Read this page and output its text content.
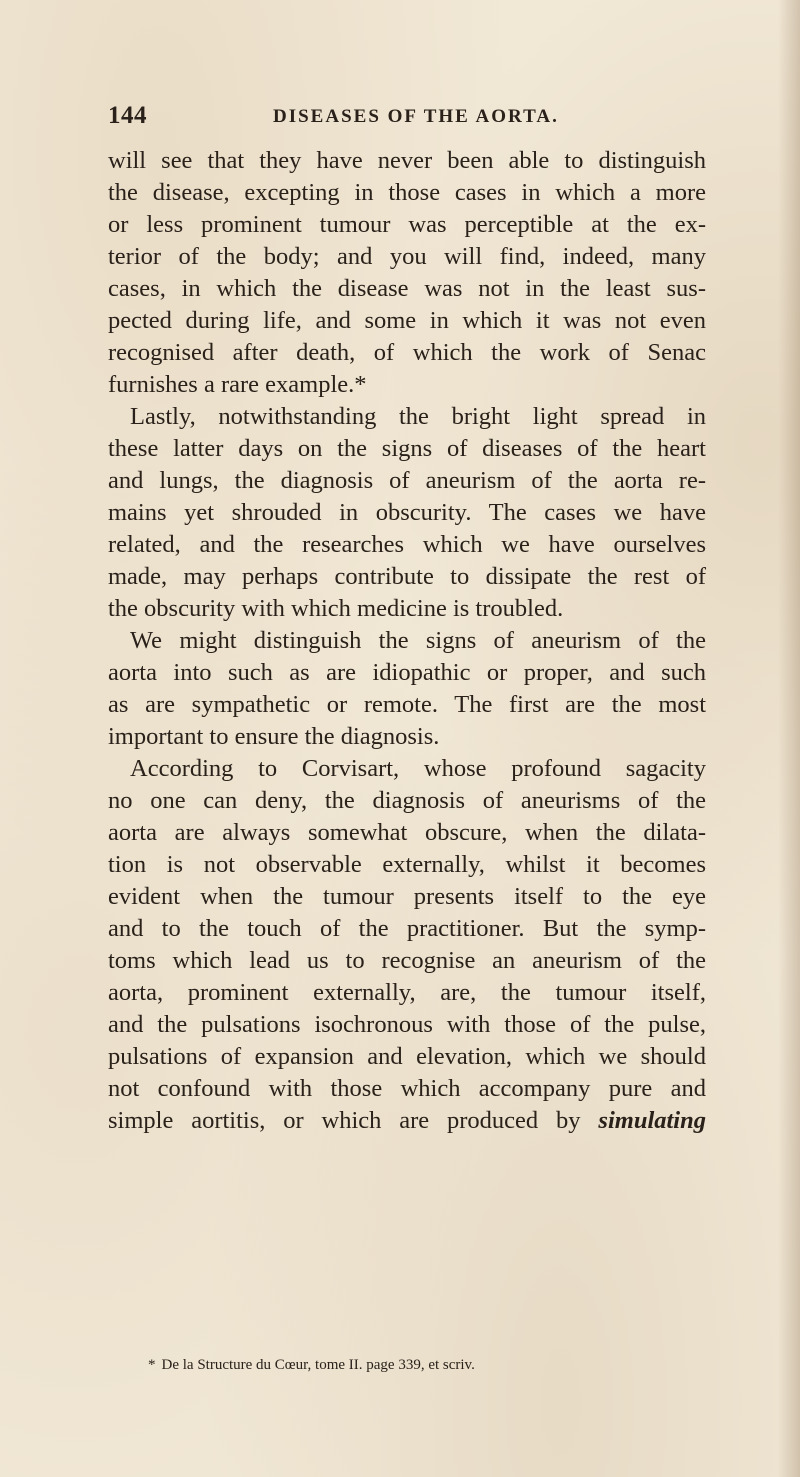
144	DISEASES OF THE AORTA.
will see that they have never been able to distinguish
the disease, excepting in those cases in which a more
or less prominent tumour was perceptible at the ex-
terior of the body; and you will find, indeed, many
cases, in which the disease was not in the least sus-
pected during life, and some in which it was not even
recognised after death, of which the work of Senac
furnishes a rare example.*
Lastly, notwithstanding the bright light spread in
these latter days on the signs of diseases of the heart
and lungs, the diagnosis of aneurism of the aorta re-
mains yet shrouded in obscurity. The cases we have
related, and the researches which we have ourselves
made, may perhaps contribute to dissipate the rest of
the obscurity with which medicine is troubled.
We might distinguish the signs of aneurism of the
aorta into such as are idiopathic or proper, and such
as are sympathetic or remote. The first are the most
important to ensure the diagnosis.
According to Corvisart, whose profound sagacity
no one can deny, the diagnosis of aneurisms of the
aorta are always somewhat obscure, when the dilata-
tion is not observable externally, whilst it becomes
evident when the tumour presents itself to the eye
and to the touch of the practitioner. But the symp-
toms which lead us to recognise an aneurism of the
aorta, prominent externally, are, the tumour itself,
and the pulsations isochronous with those of the pulse,
pulsations of expansion and elevation, which we should
not confound with those which accompany pure and
simple aortitis, or which are produced by simulating
* De la Structure du Cœur, tome II. page 339, et scriv.
